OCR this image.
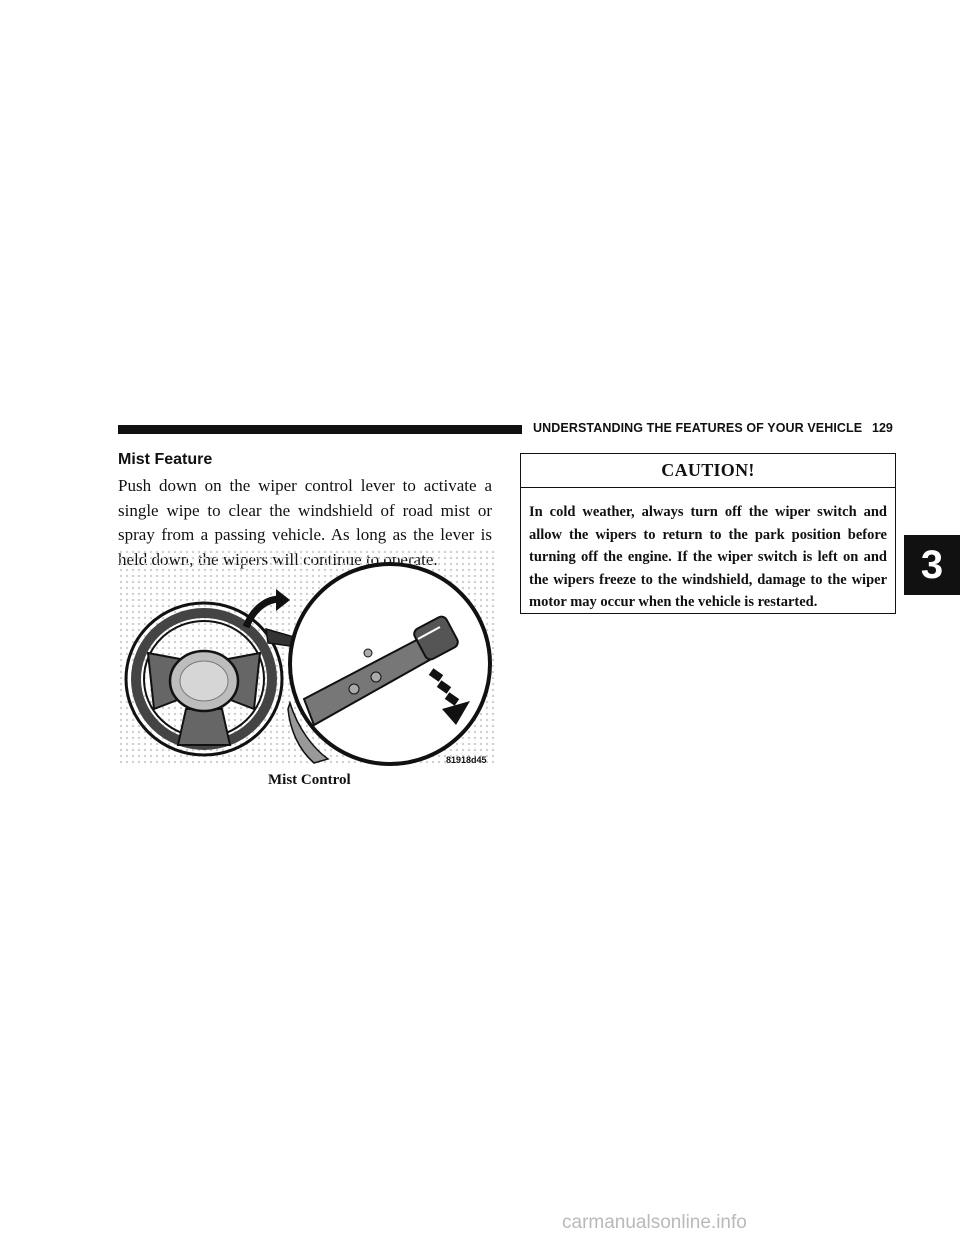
UNDERSTANDING THE FEATURES OF YOUR VEHICLE 129
3
Mist Feature

Push down on the wiper control lever to activate a single wipe to clear the windshield of road mist or spray from a passing vehicle. As long as the lever is

81918d45
Mist Control
CAUTION!

In cold weather, always turn off the wiper switch and allow the wipers to return to the park position before turning off the engine. If the wiper switch is left on and the wipers freeze to the windshield, damage to the wiper motor may occur when the vehicle is restarted.

carmanualsonline.info
